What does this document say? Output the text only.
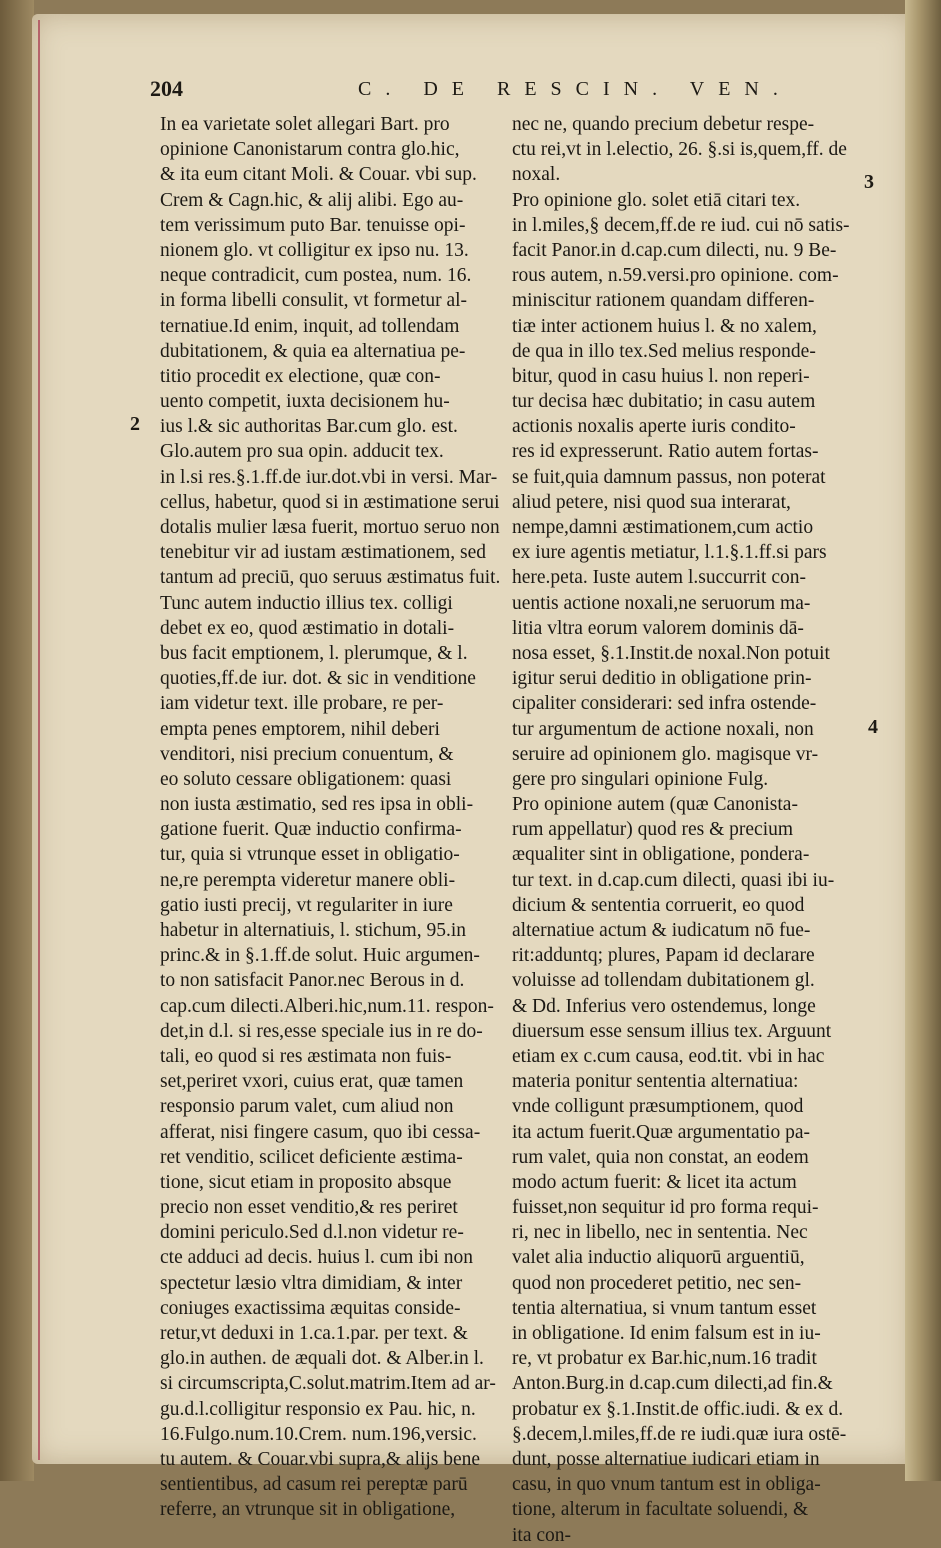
204	C. DE RESCIN. VEN.
2
3
4
In ea varietate solet allegari Bart. pro
opinione Canonistarum contra glo.hic,
& ita eum citant Moli. & Couar. vbi sup.
Crem & Cagn.hic, & alij alibi. Ego au-
tem verissimum puto Bar. tenuisse opi-
nionem glo. vt colligitur ex ipso nu. 13.
neque contradicit, cum postea, num. 16.
in forma libelli consulit, vt formetur al-
ternatiue.Id enim, inquit, ad tollendam
dubitationem, & quia ea alternatiua pe-
titio procedit ex electione, quæ con-
uento competit, iuxta decisionem hu-
ius l.& sic authoritas Bar.cum glo. est.
Glo.autem pro sua opin. adducit tex.
in l.si res.§.1.ff.de iur.dot.vbi in versi. Mar-
cellus, habetur, quod si in æstimatione serui
dotalis mulier læsa fuerit, mortuo seruo non
tenebitur vir ad iustam æstimationem, sed
tantum ad preciū, quo seruus æstimatus fuit.
Tunc autem inductio illius tex. colligi
debet ex eo, quod æstimatio in dotali-
bus facit emptionem, l. plerumque, & l.
quoties,ff.de iur. dot. & sic in venditione
iam videtur text. ille probare, re per-
empta penes emptorem, nihil deberi
venditori, nisi precium conuentum, &
eo soluto cessare obligationem: quasi
non iusta æstimatio, sed res ipsa in obli-
gatione fuerit. Quæ inductio confirma-
tur, quia si vtrunque esset in obligatio-
ne,re perempta videretur manere obli-
gatio iusti precij, vt regulariter in iure
habetur in alternatiuis, l. stichum, 95.in
princ.& in §.1.ff.de solut. Huic argumen-
to non satisfacit Panor.nec Berous in d.
cap.cum dilecti.Alberi.hic,num.11. respon-
det,in d.l. si res,esse speciale ius in re do-
tali, eo quod si res æstimata non fuis-
set,periret vxori, cuius erat, quæ tamen
responsio parum valet, cum aliud non
afferat, nisi fingere casum, quo ibi cessa-
ret venditio, scilicet deficiente æstima-
tione, sicut etiam in proposito absque
precio non esset venditio,& res periret
domini periculo.Sed d.l.non videtur re-
cte adduci ad decis. huius l. cum ibi non
spectetur læsio vltra dimidiam, & inter
coniuges exactissima æquitas conside-
retur,vt deduxi in 1.ca.1.par. per text. &
glo.in authen. de æquali dot. & Alber.in l.
si circumscripta,C.solut.matrim.Item ad ar-
gu.d.l.colligitur responsio ex Pau. hic, n.
16.Fulgo.num.10.Crem. num.196,versic.
tu autem. & Couar.vbi supra,& alijs bene
sentientibus, ad casum rei pereptæ parū
referre, an vtrunque sit in obligatione,
nec ne, quando precium debetur respe-
ctu rei,vt in l.electio, 26. §.si is,quem,ff. de
noxal.
Pro opinione glo. solet etiā citari tex.
in l.miles,§ decem,ff.de re iud. cui nō satis-
facit Panor.in d.cap.cum dilecti, nu. 9 Be-
rous autem, n.59.versi.pro opinione. com-
miniscitur rationem quandam differen-
tiæ inter actionem huius l. & no xalem,
de qua in illo tex.Sed melius responde-
bitur, quod in casu huius l. non reperi-
tur decisa hæc dubitatio; in casu autem
actionis noxalis aperte iuris condito-
res id expresserunt. Ratio autem fortas-
se fuit,quia damnum passus, non poterat
aliud petere, nisi quod sua interarat,
nempe,damni æstimationem,cum actio
ex iure agentis metiatur, l.1.§.1.ff.si pars
here.peta. Iuste autem l.succurrit con-
uentis actione noxali,ne seruorum ma-
litia vltra eorum valorem dominis dā-
nosa esset, §.1.Instit.de noxal.Non potuit
igitur serui deditio in obligatione prin-
cipaliter considerari: sed infra ostende-
tur argumentum de actione noxali, non
seruire ad opinionem glo. magisque vr-
gere pro singulari opinione Fulg.
Pro opinione autem (quæ Canonista-
rum appellatur) quod res & precium
æqualiter sint in obligatione, pondera-
tur text. in d.cap.cum dilecti, quasi ibi iu-
dicium & sententia corruerit, eo quod
alternatiue actum & iudicatum nō fue-
rit:adduntq; plures, Papam id declarare
voluisse ad tollendam dubitationem gl.
& Dd. Inferius vero ostendemus, longe
diuersum esse sensum illius tex. Arguunt
etiam ex c.cum causa, eod.tit. vbi in hac
materia ponitur sententia alternatiua:
vnde colligunt præsumptionem, quod
ita actum fuerit.Quæ argumentatio pa-
rum valet, quia non constat, an eodem
modo actum fuerit: & licet ita actum
fuisset,non sequitur id pro forma requi-
ri, nec in libello, nec in sententia. Nec
valet alia inductio aliquorū arguentiū,
quod non procederet petitio, nec sen-
tentia alternatiua, si vnum tantum esset
in obligatione. Id enim falsum est in iu-
re, vt probatur ex Bar.hic,num.16 tradit
Anton.Burg.in d.cap.cum dilecti,ad fin.&
probatur ex §.1.Instit.de offic.iudi. & ex d.
§.decem,l.miles,ff.de re iudi.quæ iura ostē-
dunt, posse alternatiue iudicari etiam in
casu, in quo vnum tantum est in obliga-
tione, alterum in facultate soluendi, &
ita con-
